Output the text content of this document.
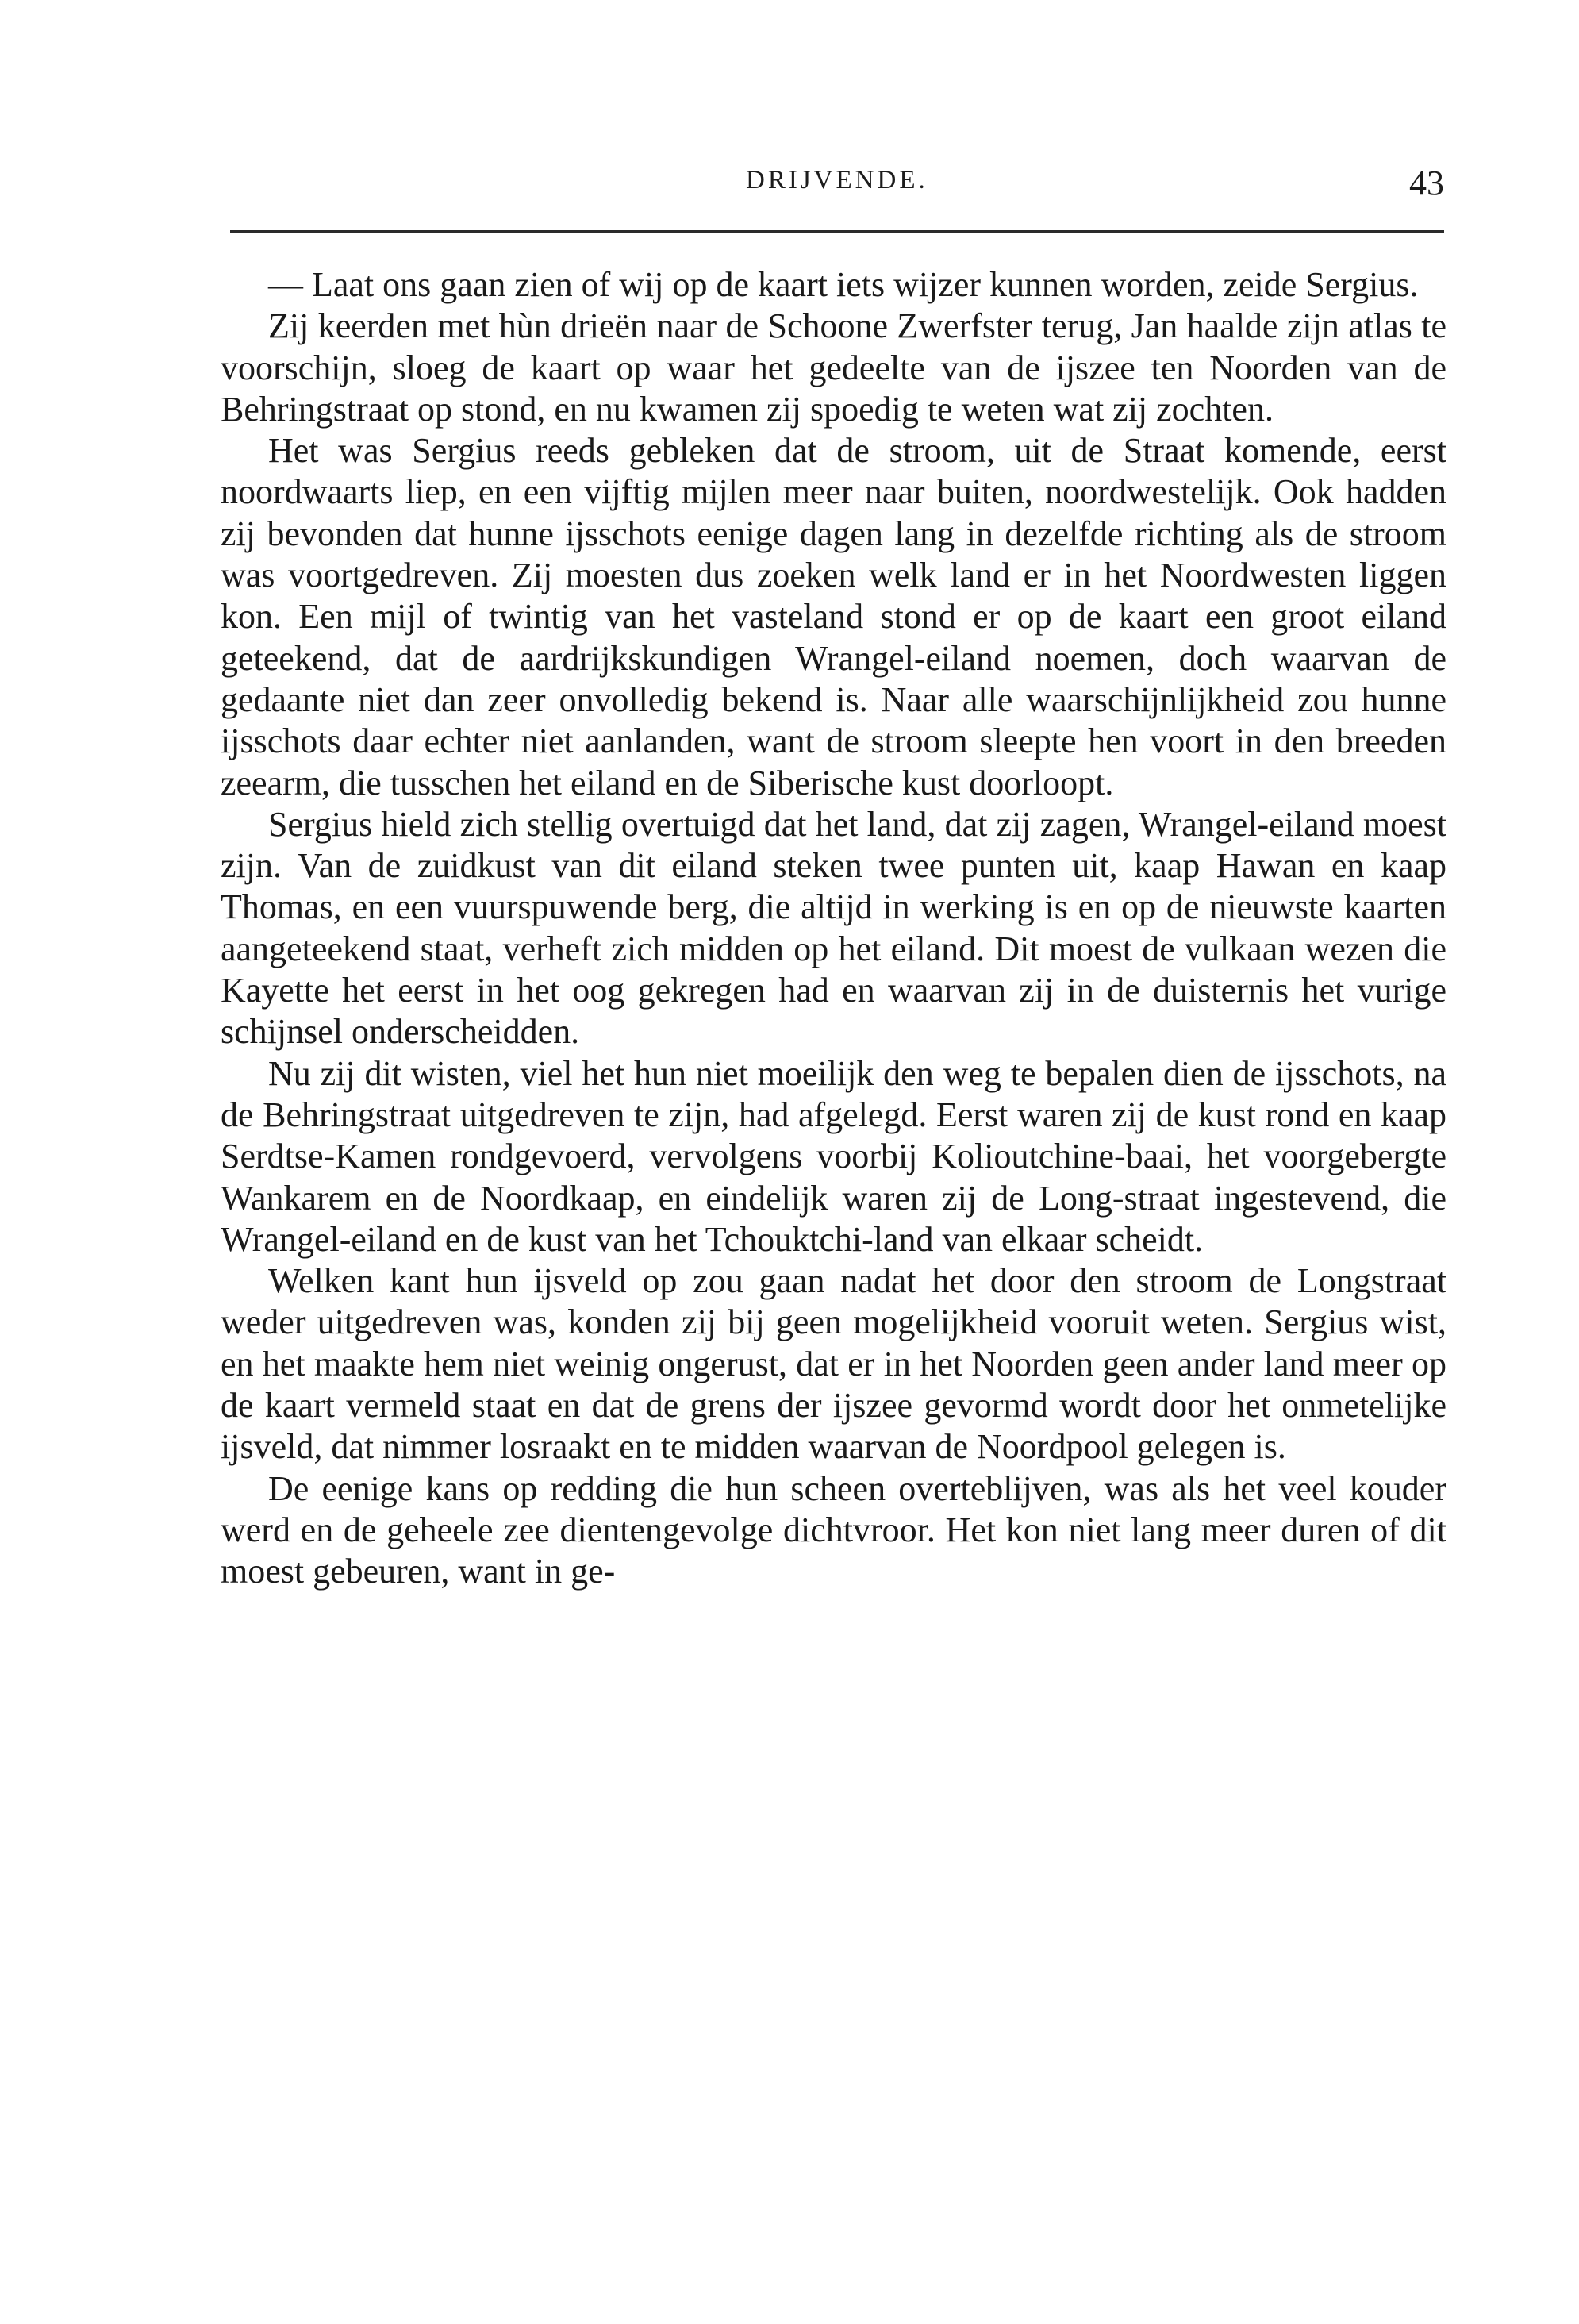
DRIJVENDE.	43

— Laat ons gaan zien of wij op de kaart iets wijzer kunnen worden, zeide Sergius.

Zij keerden met hùn drieën naar de Schoone Zwerfster terug, Jan haalde zijn atlas te voorschijn, sloeg de kaart op waar het gedeelte van de ijszee ten Noorden van de Behringstraat op stond, en nu kwamen zij spoedig te weten wat zij zochten.

Het was Sergius reeds gebleken dat de stroom, uit de Straat komende, eerst noordwaarts liep, en een vijftig mijlen meer naar buiten, noordwestelijk. Ook hadden zij bevonden dat hunne ijsschots eenige dagen lang in dezelfde richting als de stroom was voortgedreven. Zij moesten dus zoeken welk land er in het Noordwesten liggen kon. Een mijl of twintig van het vasteland stond er op de kaart een groot eiland geteekend, dat de aardrijkskundigen Wrangel-eiland noemen, doch waarvan de gedaante niet dan zeer onvolledig bekend is. Naar alle waarschijnlijkheid zou hunne ijsschots daar echter niet aanlanden, want de stroom sleepte hen voort in den breeden zeearm, die tusschen het eiland en de Siberische kust doorloopt.

Sergius hield zich stellig overtuigd dat het land, dat zij zagen, Wrangel-eiland moest zijn. Van de zuidkust van dit eiland steken twee punten uit, kaap Hawan en kaap Thomas, en een vuurspuwende berg, die altijd in werking is en op de nieuwste kaarten aangeteekend staat, verheft zich midden op het eiland. Dit moest de vulkaan wezen die Kayette het eerst in het oog gekregen had en waarvan zij in de duisternis het vurige schijnsel onderscheidden.

Nu zij dit wisten, viel het hun niet moeilijk den weg te bepalen dien de ijsschots, na de Behringstraat uitgedreven te zijn, had afgelegd. Eerst waren zij de kust rond en kaap Serdtse-Kamen rondgevoerd, vervolgens voorbij Kolioutchine-baai, het voorgebergte Wankarem en de Noordkaap, en eindelijk waren zij de Long-straat ingestevend, die Wrangel-eiland en de kust van het Tchouktchi-land van elkaar scheidt.

Welken kant hun ijsveld op zou gaan nadat het door den stroom de Longstraat weder uitgedreven was, konden zij bij geen mogelijkheid vooruit weten. Sergius wist, en het maakte hem niet weinig ongerust, dat er in het Noorden geen ander land meer op de kaart vermeld staat en dat de grens der ijszee gevormd wordt door het onmetelijke ijsveld, dat nimmer losraakt en te midden waarvan de Noordpool gelegen is.

De eenige kans op redding die hun scheen overteblijven, was als het veel kouder werd en de geheele zee dientengevolge dichtvroor. Het kon niet lang meer duren of dit moest gebeuren, want in ge-
